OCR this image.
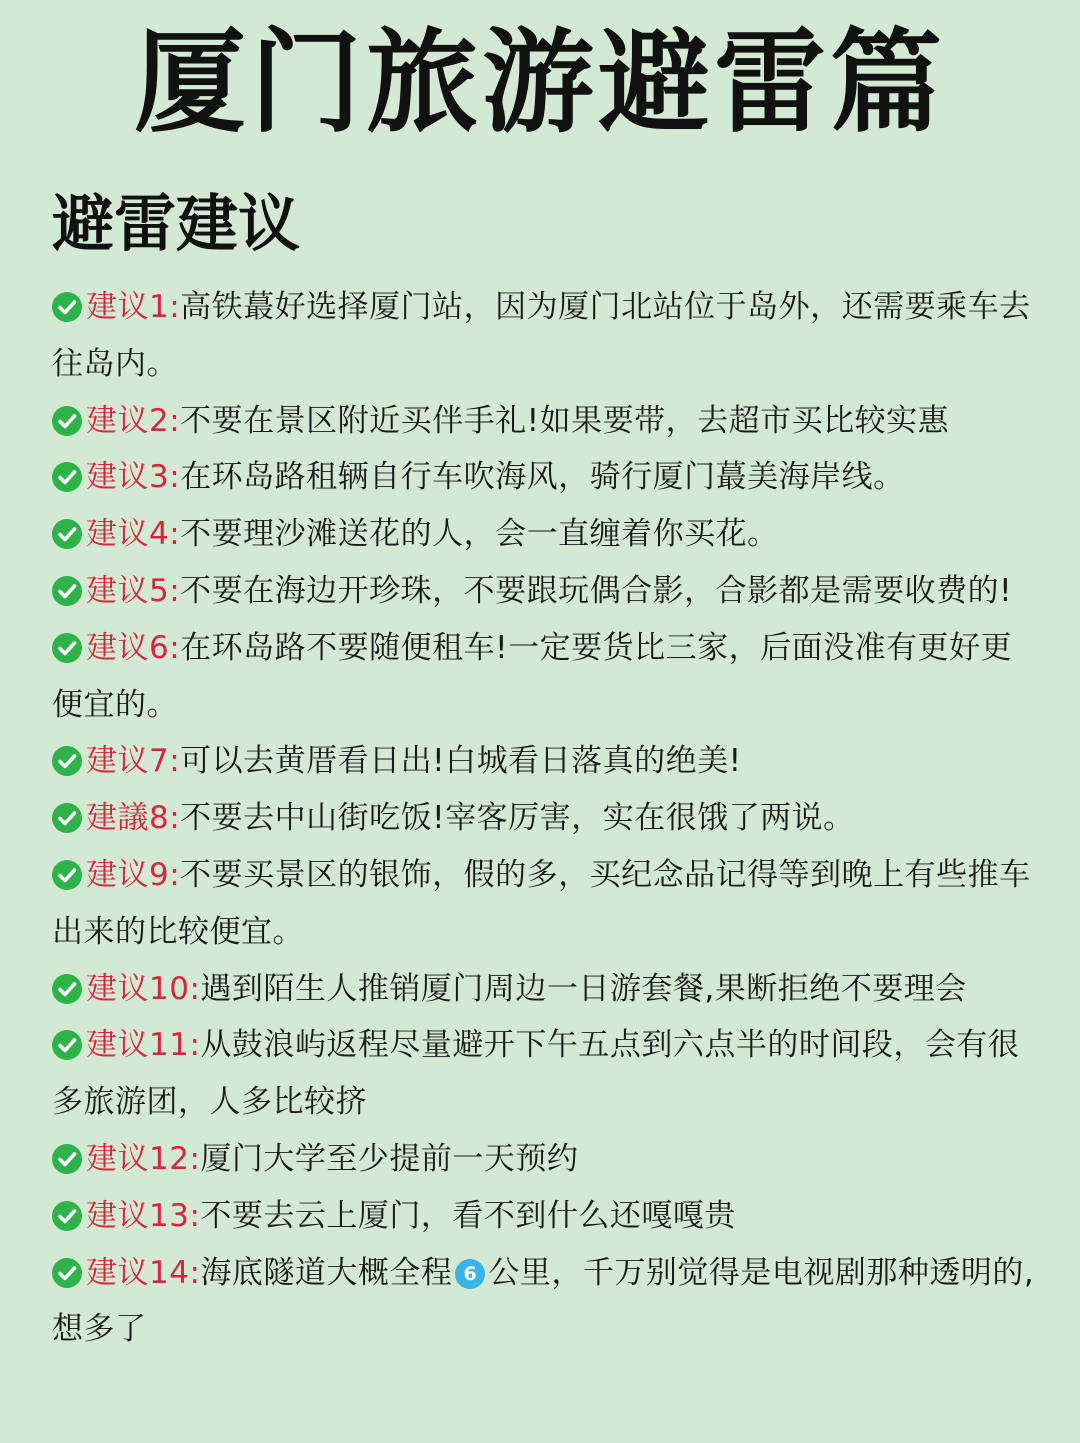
厦门旅游避雷篇
避雷建议

建议1:高铁蕞好选择厦门站，因为厦门北站位于岛外，还需要乘车去往岛内。

建议2:不要在景区附近买伴手礼!如果要带，去超市买比较实惠

建议3:在环岛路租辆自行车吹海风，骑行厦门蕞美海岸线。

建议4:不要理沙滩送花的人，会一直缠着你买花。

建议5:不要在海边开珍珠，不要跟玩偶合影，合影都是需要收费的!

建议6:在环岛路不要随便租车!一定要货比三家，后面没准有更好更便宜的。

建议7:可以去黄厝看日出!白城看日落真的绝美!

建議8:不要去中山街吃饭!宰客厉害，实在很饿了两说。

建议9:不要买景区的银饰，假的多，买纪念品记得等到晚上有些推车出来的比较便宜。

建议10:遇到陌生人推销厦门周边一日游套餐,果断拒绝不要理会

建议11:从鼓浪屿返程尽量避开下午五点到六点半的时间段，会有很多旅游团，人多比较挤

建议12:厦门大学至少提前一天预约

建议13:不要去云上厦门，看不到什么还嘎嘎贵

建议14:海底隧道大概全程 6 公里，千万别觉得是电视剧那种透明的,想多了
